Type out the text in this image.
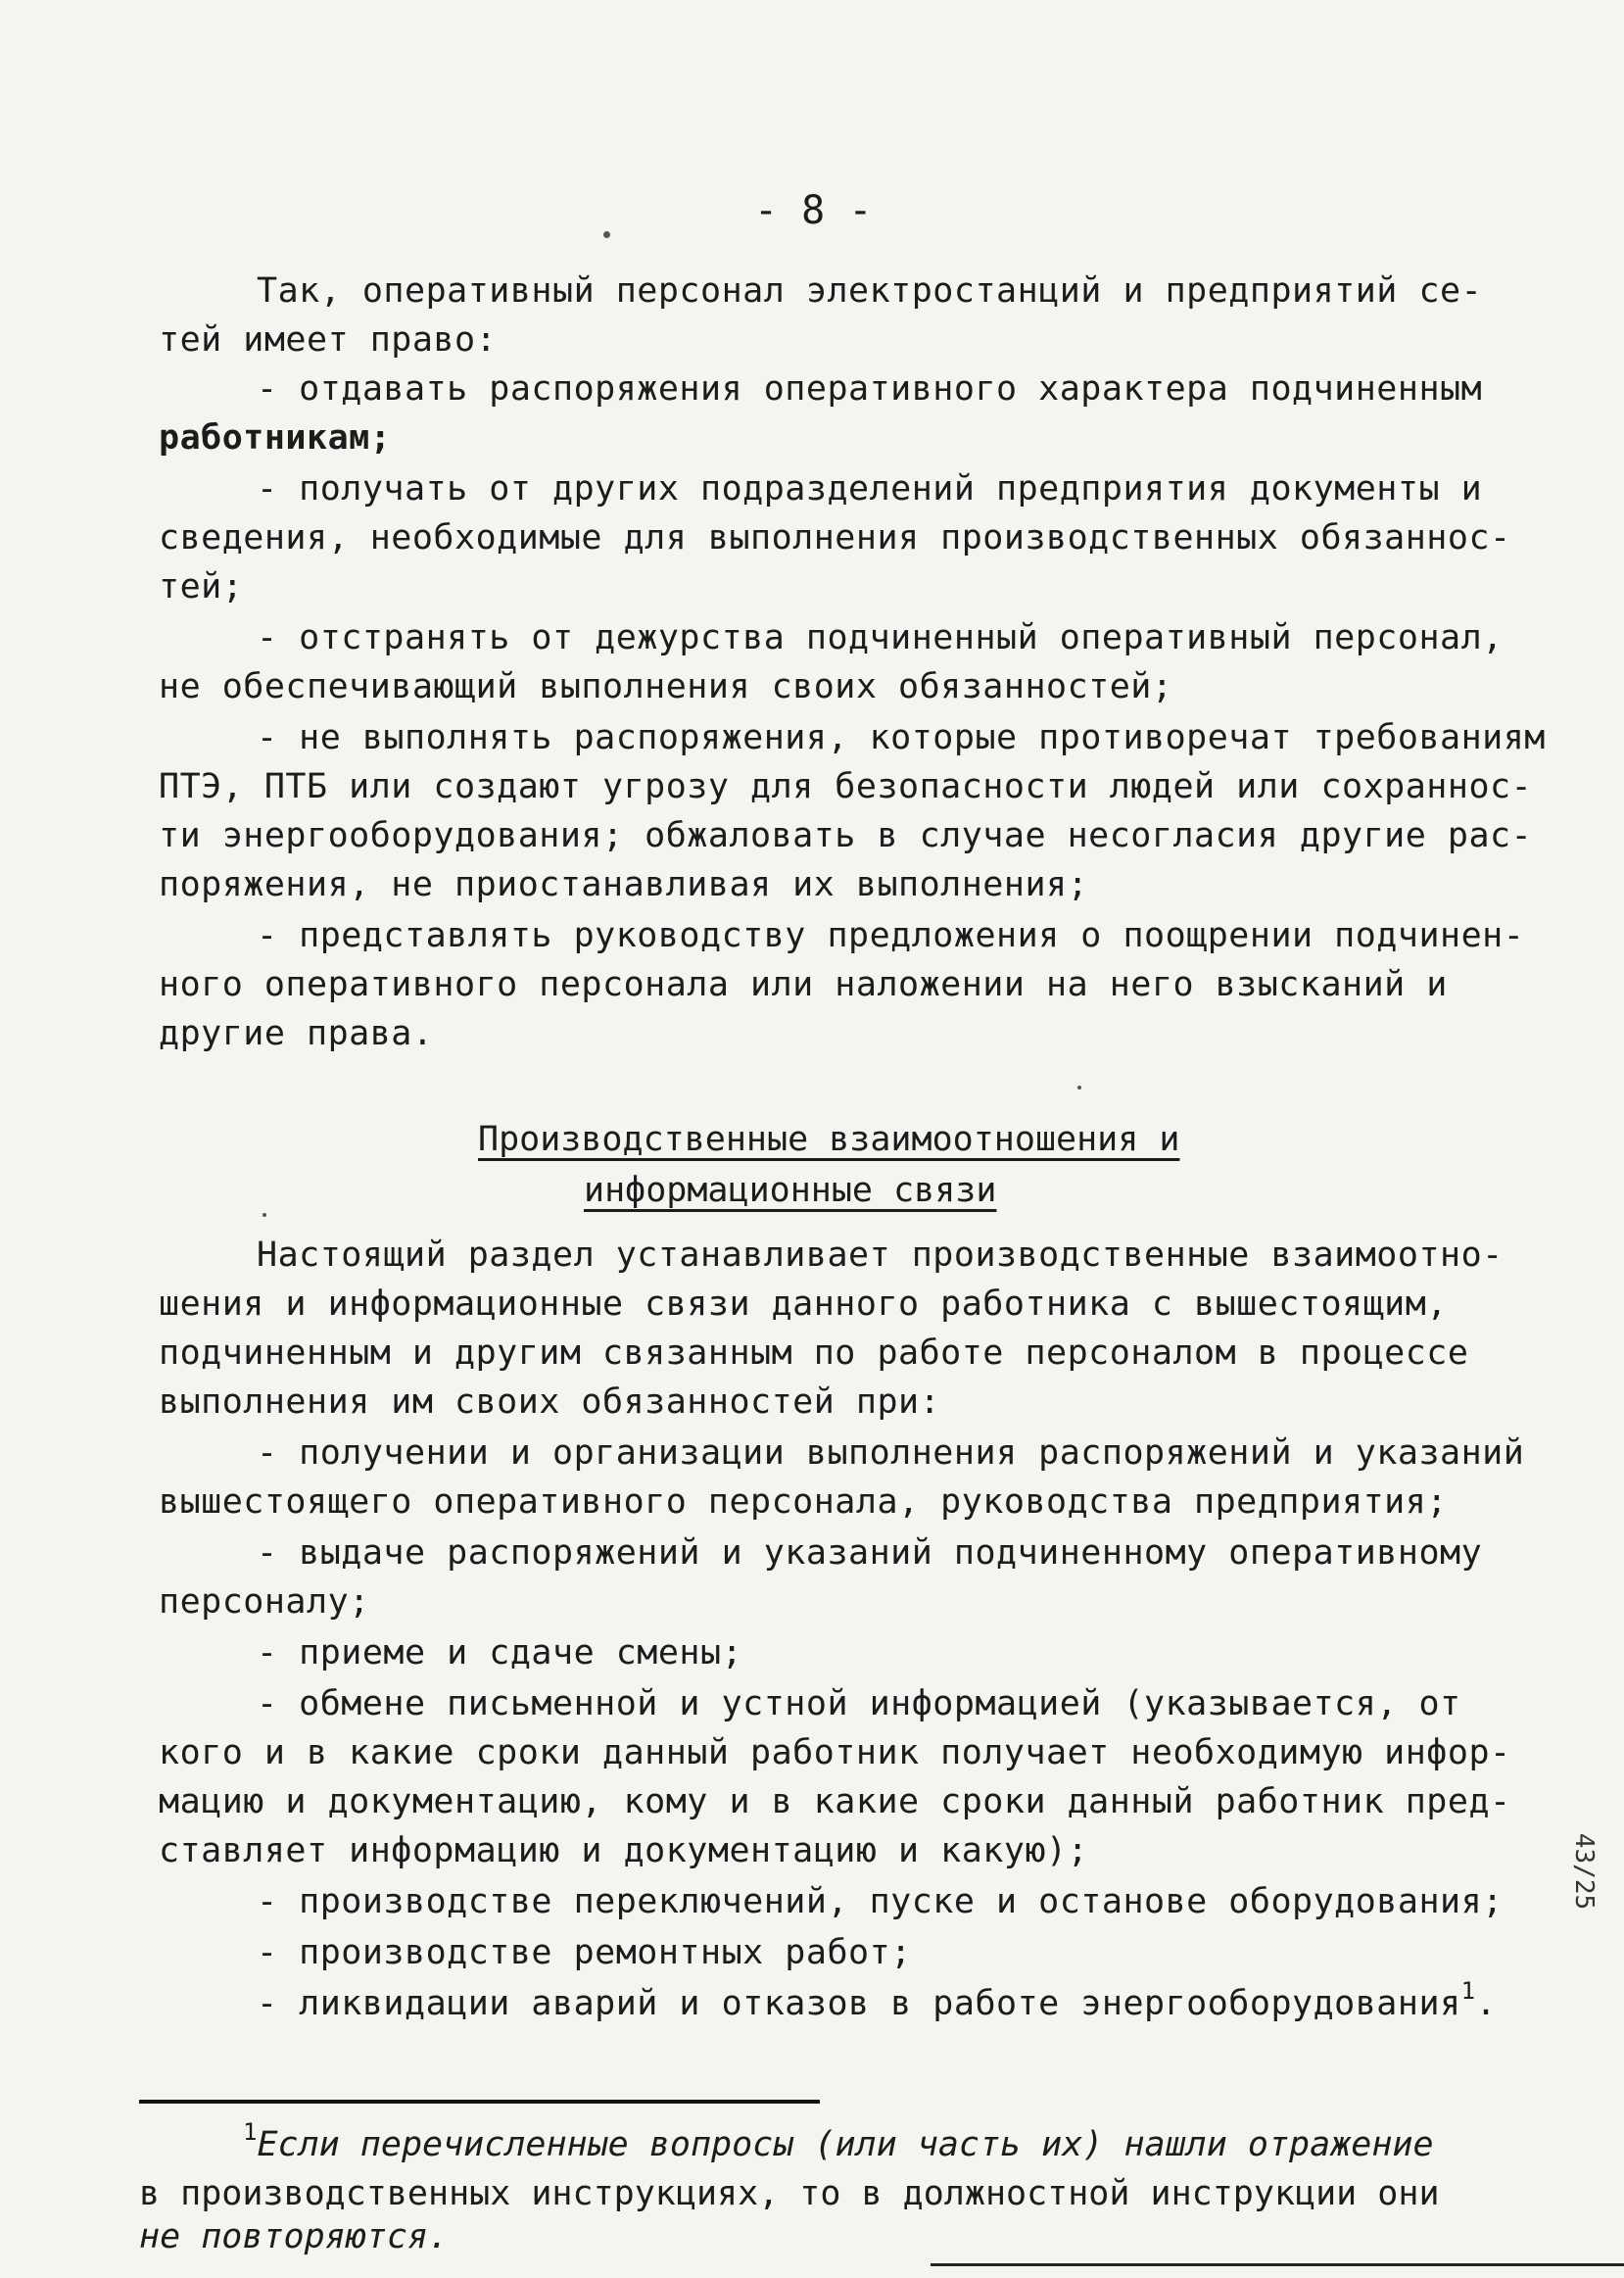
- 8 -
Так, оперативный персонал электростанций и предприятий се-
тей имеет право:
- отдавать распоряжения оперативного характера подчиненным
работникам;
- получать от других подразделений предприятия документы и
сведения, необходимые для выполнения производственных обязаннос-
тей;
- отстранять от дежурства подчиненный оперативный персонал,
не обеспечивающий выполнения своих обязанностей;
- не выполнять распоряжения, которые противоречат требованиям
ПТЭ, ПТБ или создают угрозу для безопасности людей или сохраннос-
ти энергооборудования; обжаловать в случае несогласия другие рас-
поряжения, не приостанавливая их выполнения;
- представлять руководству предложения о поощрении подчинен-
ного оперативного персонала или наложении на него взысканий и
другие права.
Производственные взаимоотношения и
информационные связи
Настоящий раздел устанавливает производственные взаимоотно-
шения и информационные связи данного работника с вышестоящим,
подчиненным и другим связанным по работе персоналом в процессе
выполнения им своих обязанностей при:
- получении и организации выполнения распоряжений и указаний
вышестоящего оперативного персонала, руководства предприятия;
- выдаче распоряжений и указаний подчиненному оперативному
персоналу;
- приеме и сдаче смены;
- обмене письменной и устной информацией (указывается, от
кого и в какие сроки данный работник получает необходимую инфор-
мацию и документацию, кому и в какие сроки данный работник пред-
ставляет информацию и документацию и какую);
- производстве переключений, пуске и останове оборудования;
- производстве ремонтных работ;
- ликвидации аварий и отказов в работе энергооборудования$^1$.
$^1$Если перечисленные вопросы (или часть их) нашли отражение
в производственных инструкциях, то в должностной инструкции они
не повторяются.
43/25
